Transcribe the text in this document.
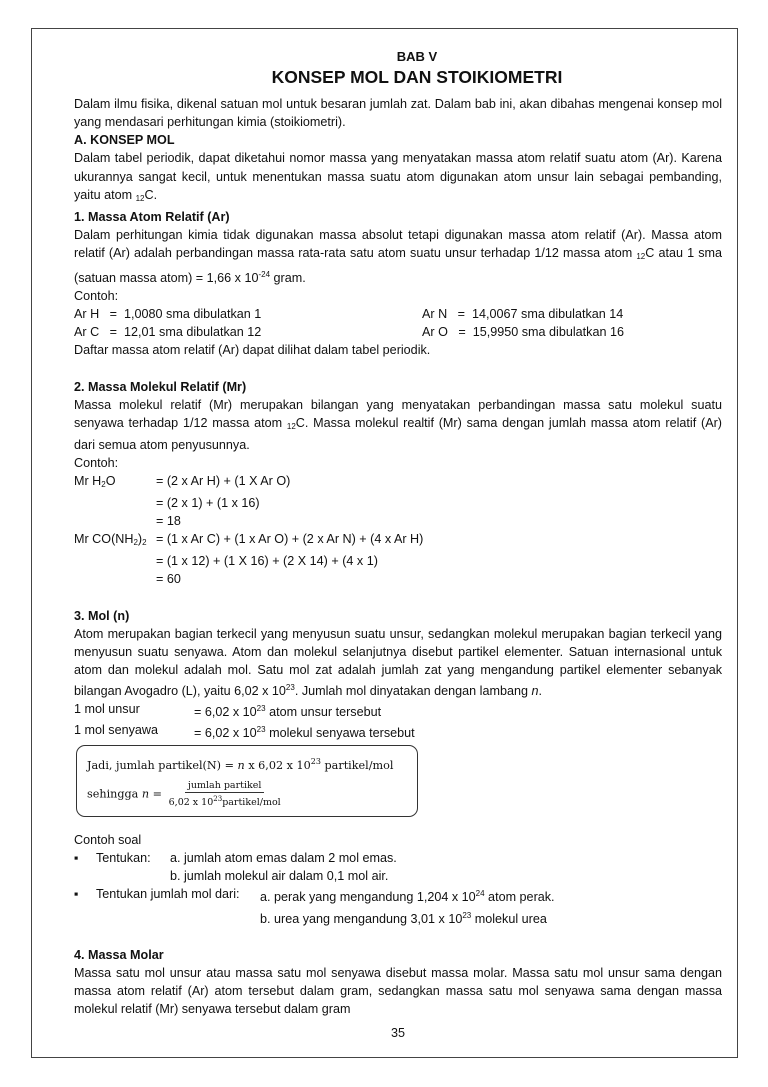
BAB V
KONSEP MOL DAN STOIKIOMETRI
Dalam ilmu fisika, dikenal satuan mol untuk besaran jumlah zat. Dalam bab ini, akan dibahas mengenai konsep mol yang mendasari perhitungan kimia (stoikiometri).
A. KONSEP MOL
Dalam tabel periodik, dapat diketahui nomor massa yang menyatakan massa atom relatif suatu atom (Ar). Karena ukurannya sangat kecil, untuk menentukan massa suatu atom digunakan atom unsur lain sebagai pembanding, yaitu atom $_{12}$C.
1. Massa Atom Relatif (Ar)
Dalam perhitungan kimia tidak digunakan massa absolut tetapi digunakan massa atom relatif (Ar). Massa atom relatif (Ar) adalah perbandingan massa rata-rata satu atom suatu unsur terhadap 1/12 massa atom $_{12}$C atau 1 sma (satuan massa atom) = 1,66 x $10^{-24}$ gram.
Contoh:
Ar H   =  1,0080 sma dibulatkan 1	Ar N   =  14,0067 sma dibulatkan 14
Ar C   =  12,01 sma dibulatkan 12	Ar O   =  15,9950 sma dibulatkan 16
Daftar massa atom relatif (Ar) dapat dilihat dalam tabel periodik.
2. Massa Molekul Relatif (Mr)
Massa molekul relatif (Mr) merupakan bilangan yang menyatakan perbandingan massa satu molekul suatu senyawa terhadap 1/12 massa atom $_{12}$C. Massa molekul realtif (Mr) sama dengan jumlah massa atom relatif (Ar) dari semua atom penyusunnya.
Contoh:
Mr $H_2O$	= (2 x Ar H) + (1 X Ar O)
= (2 x 1) + (1 x 16)
= 18
Mr $CO(NH_2)_2 = (1$ x Ar C) + (1 x Ar O) + (2 x Ar N) + (4 x Ar H)
= (1 x 12) + (1 X 16) + (2 X 14) + (4 x 1)
= 60
3. Mol (n)
Atom merupakan bagian terkecil yang menyusun suatu unsur, sedangkan molekul merupakan bagian terkecil yang menyusun suatu senyawa. Atom dan molekul selanjutnya disebut partikel elementer. Satuan internasional untuk atom dan molekul adalah mol. Satu mol zat adalah jumlah zat yang mengandung partikel elementer sebanyak bilangan Avogadro (L), yaitu 6,02 x $10^{23}$. Jumlah mol dinyatakan dengan lambang n.
1 mol unsur	= 6,02 x $10^{23}$ atom unsur tersebut
1 mol senyawa	= 6,02 x $10^{23}$ molekul senyawa tersebut
Jadi, jumlah partikel(N) = n x 6,02 x $10^{23}$ partikel/mol
sehingga $n = \frac{\text{jumlah partikel}}{6,02 x 10^{23}partikel/mol}$
Contoh soal
▪	Tentukan:	a. jumlah atom emas dalam 2 mol emas.
b. jumlah molekul air dalam 0,1 mol air.
▪	Tentukan jumlah mol dari:	a. perak yang mengandung 1,204 x $10^{24}$ atom perak.
b. urea yang mengandung 3,01 x $10^{23}$ molekul urea
4. Massa Molar
Massa satu mol unsur atau massa satu mol senyawa disebut massa molar. Massa satu mol unsur sama dengan massa atom relatif (Ar) atom tersebut dalam gram, sedangkan massa satu mol senyawa sama dengan massa molekul relatif (Mr) senyawa tersebut dalam gram
35
